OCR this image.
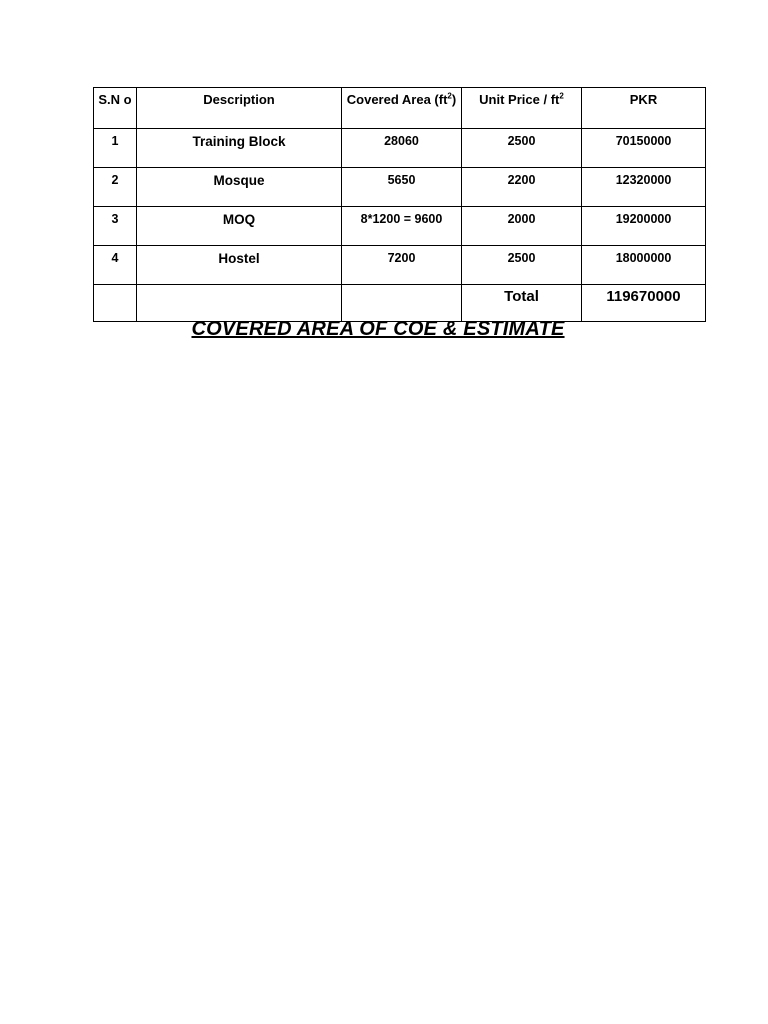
S.N o	Description	Covered Area $(ft^2)$	Unit Price / $ft^2$	PKR
1	Training Block	28060	2500	70150000
2	Mosque	5650	2200	12320000
3	MOQ	8*1200 = 9600	2000	19200000
4	Hostel	7200	2500	18000000
			Total	119670000
COVERED AREA OF COE & ESTIMATE
